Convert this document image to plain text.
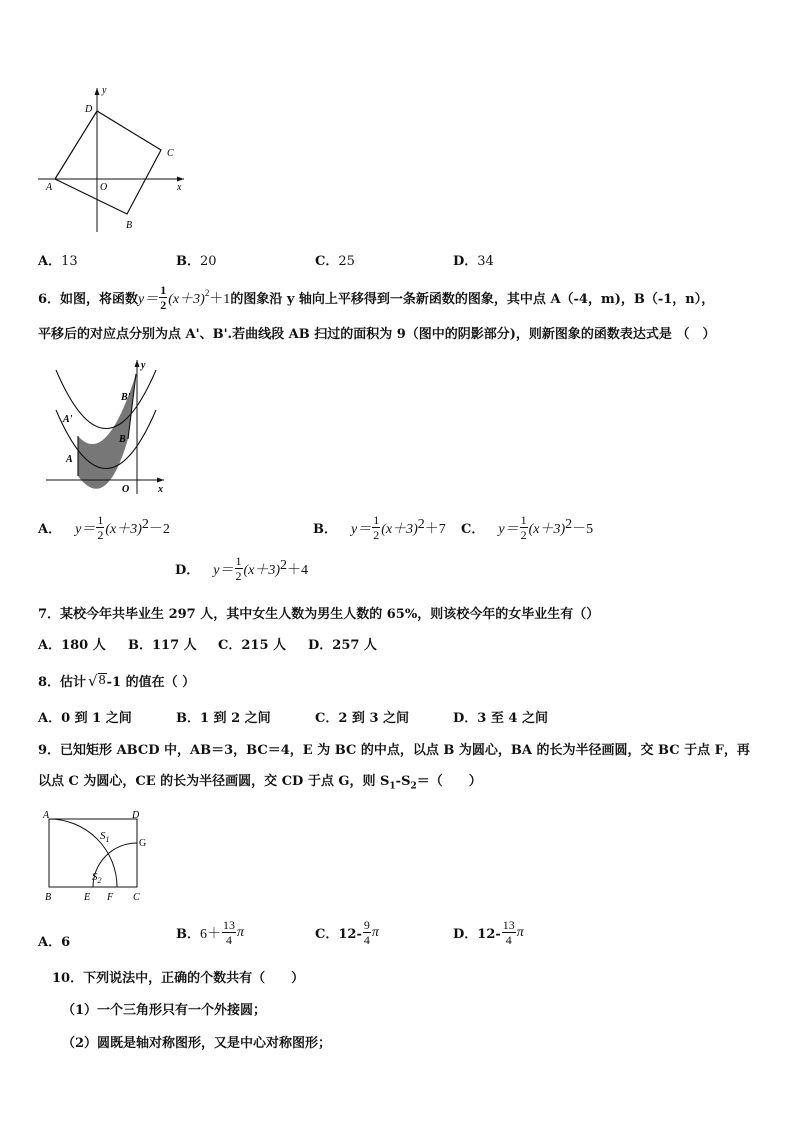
y
D
C
A	O	x
B
A．13	B．20	C．25	D．34
6．如图，将函数 $y= \frac{1}{2} (x+3)^2 +1$ 的图象沿 y 轴向上平移得到一条新函数的图象，其中点 A（-4，m)，B（-1，n），
平移后的对应点分别为点 A'、B'.若曲线段 AB 扫过的面积为 9（图中的阴影部分)，则新图象的函数表达式是 （　）
y
B'
A'
B
A
O	x
A． $y= \frac{1}{2} (x+3)$ 2 －2	B． $y= \frac{1}{2} (x+3)$ 2 ＋7 C． $y= \frac{1}{2} (x+3)$ 2 －5
D． $y= \frac{1}{2} (x+3)$ 2 ＋4
7．某校今年共毕业生 297 人，其中女生人数为男生人数的 65%，则该校今年的女毕业生有（）
A．180 人 B．117 人 C．215 人 D．257 人
8．估计 √ 8 -1 的值在（ ）
A．0 到 1 之间	B．1 到 2 之间	C．2 到 3 之间	D．3 至 4 之间
9．已知矩形 ABCD 中，AB＝3，BC＝4，E 为 BC 的中点，以点 B 为圆心，BA 的长为半径画圆，交 BC 于点 F，再
以点 C 为圆心，CE 的长为半径画圆，交 CD 于点 G，则 $S_1-S_2=$（　　）
A	D
G
$S_1$
$S_2$
B	E F C
A．6
B． $6+ \frac{13}{4}$ π	C．$12- \frac{9}{4}$ π	D．$12- \frac{13}{4}$ π
10．下列说法中，正确的个数共有（　　）
（1）一个三角形只有一个外接圆；
（2）圆既是轴对称图形，又是中心对称图形；
